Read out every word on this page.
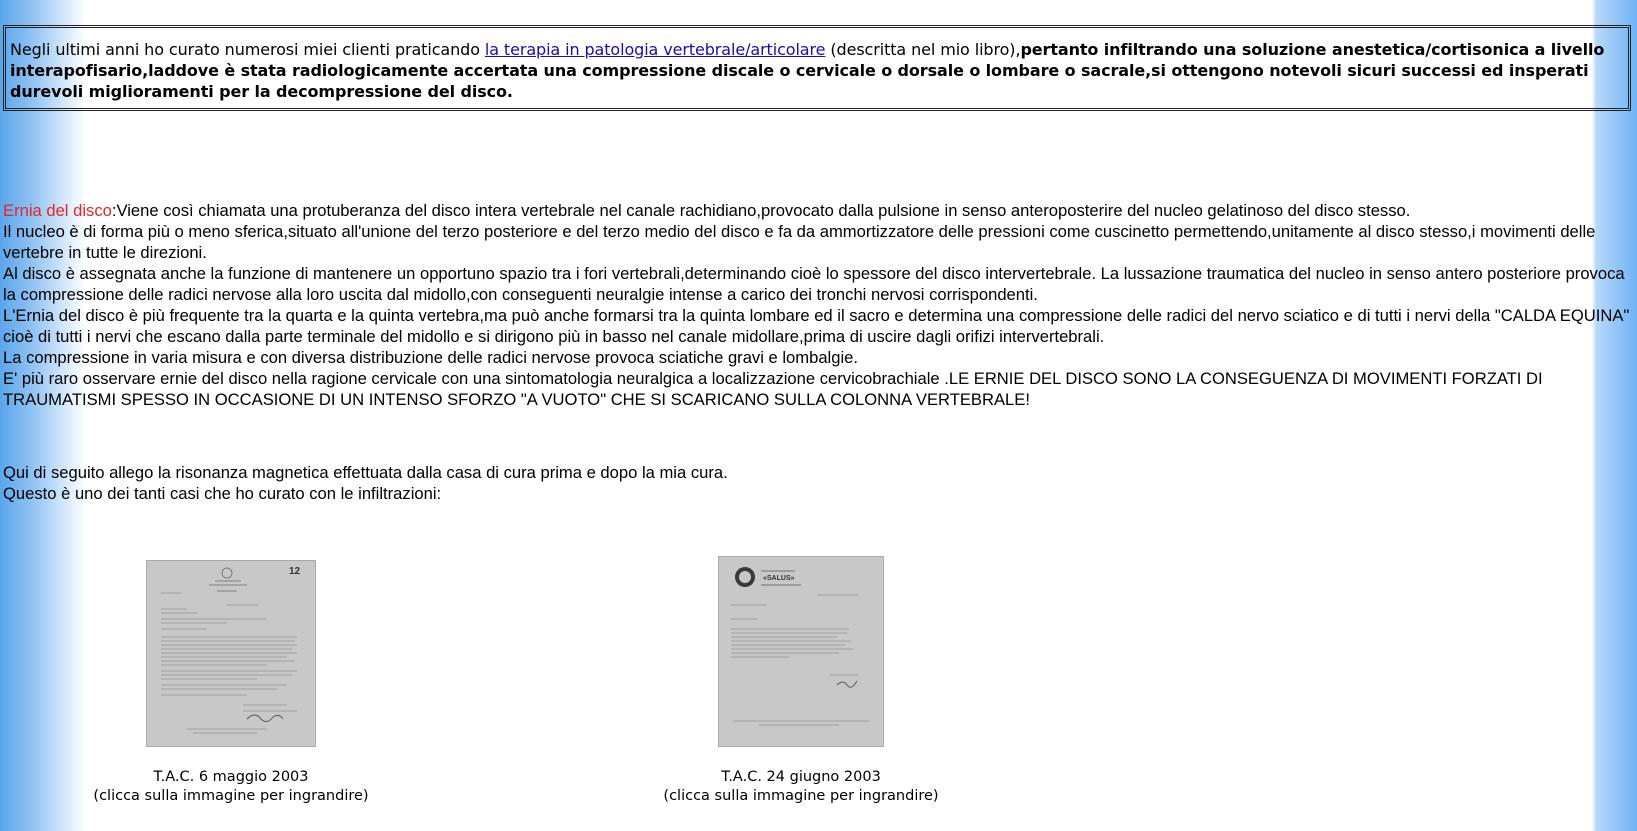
Negli ultimi anni ho curato numerosi miei clienti praticando la terapia in patologia vertebrale/articolare (descritta nel mio libro),pertanto infiltrando una soluzione anestetica/cortisonica a livello interapofisario,laddove è stata radiologicamente accertata una compressione discale o cervicale o dorsale o lombare o sacrale,si ottengono notevoli sicuri successi ed insperati durevoli miglioramenti per la decompressione del disco.

Ernia del disco:Viene così chiamata una protuberanza del disco intera vertebrale nel canale rachidiano,provocato dalla pulsione in senso anteroposterire del nucleo gelatinoso del disco stesso.

Il nucleo è di forma più o meno sferica,situato all'unione del terzo posteriore e del terzo medio del disco e fa da ammortizzatore delle pressioni come cuscinetto permettendo,unitamente al disco stesso,i movimenti delle vertebre in tutte le direzioni.

Al disco è assegnata anche la funzione di mantenere un opportuno spazio tra i fori vertebrali,determinando cioè lo spessore del disco intervertebrale. La lussazione traumatica del nucleo in senso antero posteriore provoca la compressione delle radici nervose alla loro uscita dal midollo,con conseguenti neuralgie intense a carico dei tronchi nervosi corrispondenti.

L'Ernia del disco è più frequente tra la quarta e la quinta vertebra,ma può anche formarsi tra la quinta lombare ed il sacro e determina una compressione delle radici del nervo sciatico e di tutti i nervi della "CALDA EQUINA" cioè di tutti i nervi che escano dalla parte terminale del midollo e si dirigono più in basso nel canale midollare,prima di uscire dagli orifizi intervertebrali.

La compressione in varia misura e con diversa distribuzione delle radici nervose provoca sciatiche gravi e lombalgie.

E' più raro osservare ernie del disco nella ragione cervicale con una sintomatologia neuralgica a localizzazione cervicobrachiale .LE ERNIE DEL DISCO SONO LA CONSEGUENZA DI MOVIMENTI FORZATI DI TRAUMATISMI SPESSO IN OCCASIONE DI UN INTENSO SFORZO "A VUOTO" CHE SI SCARICANO SULLA COLONNA VERTEBRALE!

Qui di seguito allego la risonanza magnetica effettuata dalla casa di cura prima e dopo la mia cura.

Questo è uno dei tanti casi che ho curato con le infiltrazioni:

12
T.A.C. 6 maggio 2003
(clicca sulla immagine per ingrandire)
«SALUS»
T.A.C. 24 giugno 2003
(clicca sulla immagine per ingrandire)
